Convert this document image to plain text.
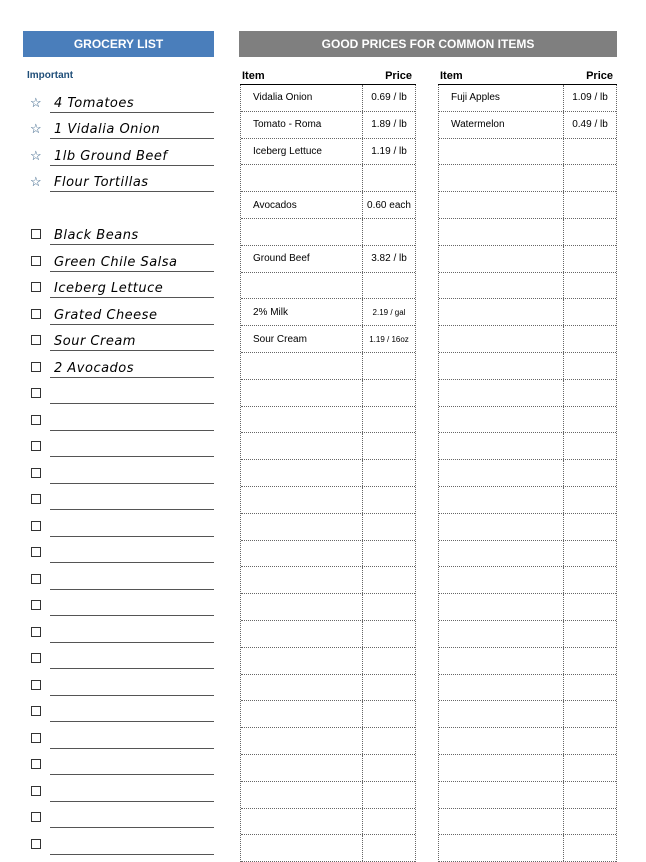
GROCERY LIST	GOOD PRICES FOR COMMON ITEMS
Important
☆ 4 Tomatoes
☆ 1 Vidalia Onion
☆ 1lb Ground Beef
☆ Flour Tortillas
Black Beans
Green Chile Salsa
Iceberg Lettuce
Grated Cheese
Sour Cream
2 Avocados
Item	Price
Vidalia Onion	0.69 / lb
Tomato - Roma	1.89 / lb
Iceberg Lettuce	1.19 / lb
Avocados	0.60 each
Ground Beef	3.82 / lb
2% Milk	2.19 / gal
Sour Cream	1.19 / 16oz
Item	Price
Fuji Apples	1.09 / lb
Watermelon	0.49 / lb
